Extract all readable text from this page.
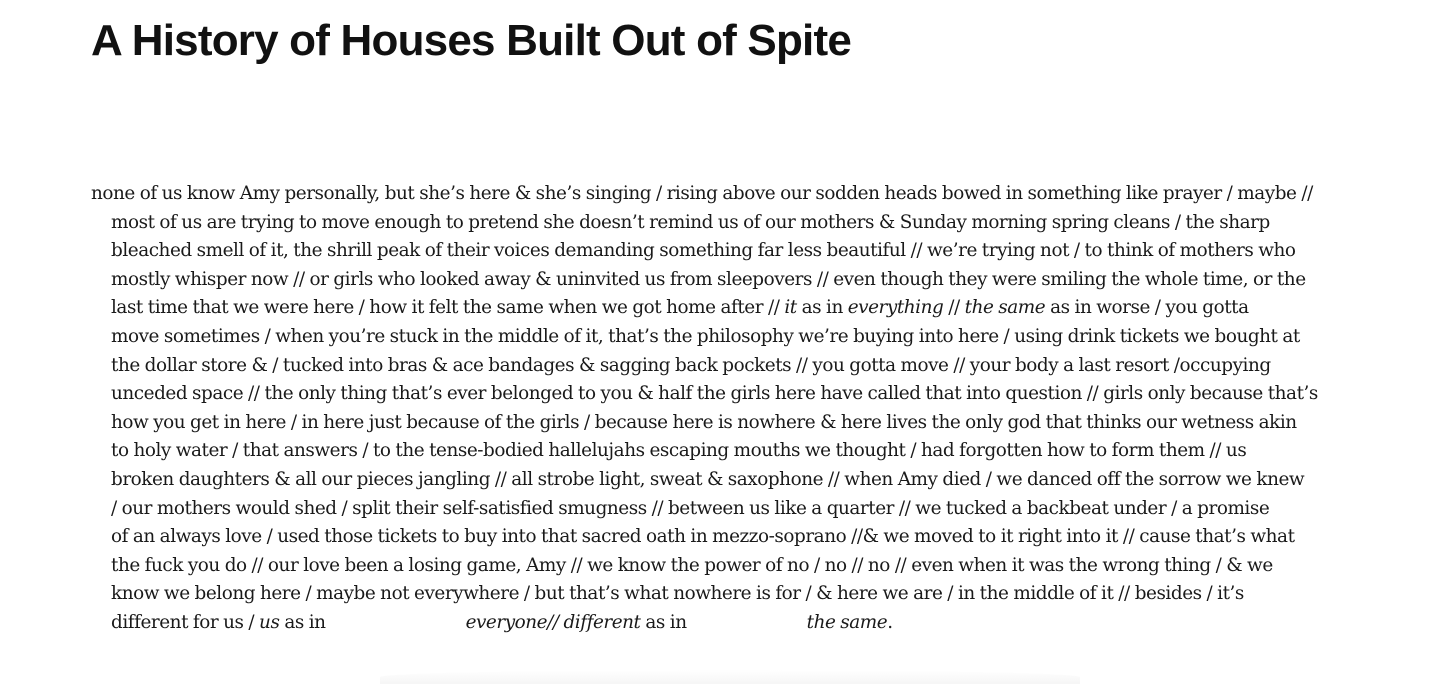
A History of Houses Built Out of Spite
none of us know Amy personally, but she’s here & she’s singing / rising above our sodden heads bowed in something like prayer / maybe //
most of us are trying to move enough to pretend she doesn’t remind us of our mothers & Sunday morning spring cleans / the sharp
bleached smell of it, the shrill peak of their voices demanding something far less beautiful // we’re trying not / to think of mothers who
mostly whisper now // or girls who looked away & uninvited us from sleepovers // even though they were smiling the whole time, or the
last time that we were here / how it felt the same when we got home after // it as in everything // the same as in worse / you gotta
move sometimes / when you’re stuck in the middle of it, that’s the philosophy we’re buying into here / using drink tickets we bought at
the dollar store & / tucked into bras & ace bandages & sagging back pockets // you gotta move // your body a last resort /occupying
unceded space // the only thing that’s ever belonged to you & half the girls here have called that into question // girls only because that’s
how you get in here / in here just because of the girls / because here is nowhere & here lives the only god that thinks our wetness akin
to holy water / that answers / to the tense-bodied hallelujahs escaping mouths we thought / had forgotten how to form them // us
broken daughters & all our pieces jangling // all strobe light, sweat & saxophone // when Amy died / we danced off the sorrow we knew
/ our mothers would shed / split their self-satisfied smugness // between us like a quarter // we tucked a backbeat under / a promise
of an always love / used those tickets to buy into that sacred oath in mezzo-soprano //& we moved to it right into it // cause that’s what
the fuck you do // our love been a losing game, Amy // we know the power of no / no // no // even when it was the wrong thing / & we
know we belong here / maybe not everywhere / but that’s what nowhere is for / & here we are / in the middle of it // besides / it’s
different for us / us as in	everyone// different as in	the same.
